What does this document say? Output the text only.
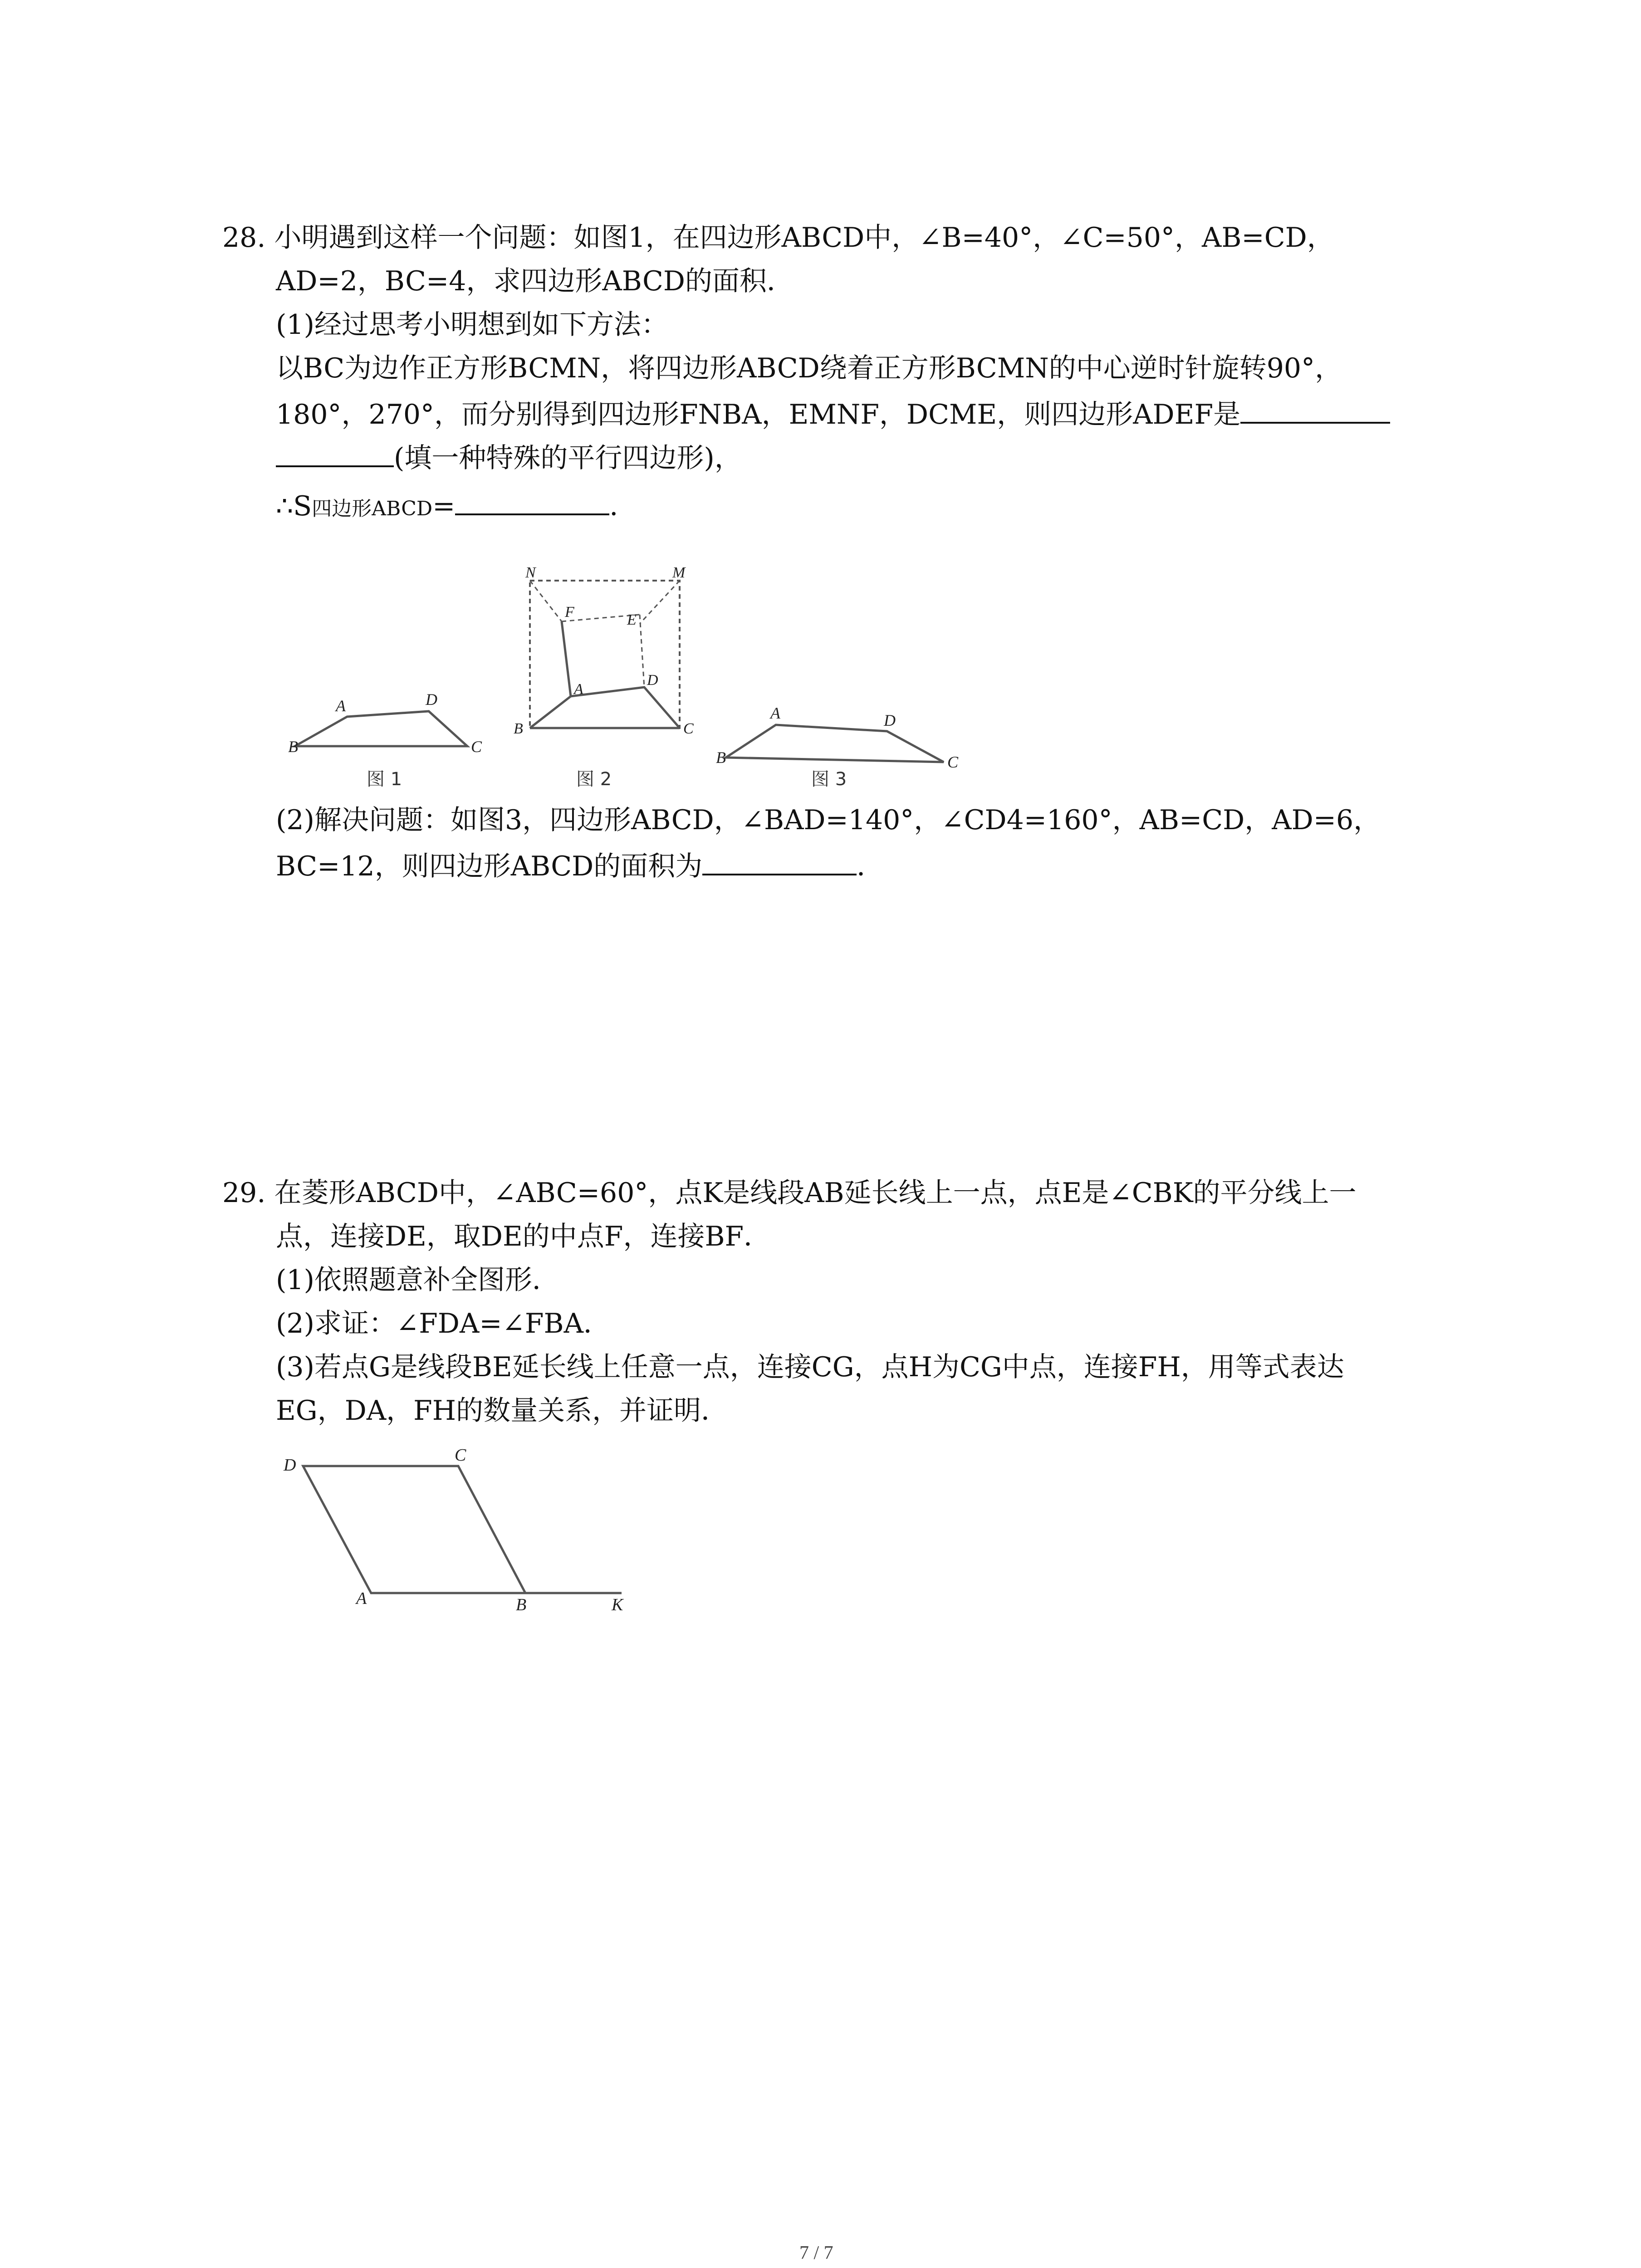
28. 小明遇到这样一个问题：如图1，在四边形ABCD中，∠B=40°，∠C=50°，AB=CD，
AD=2，BC=4，求四边形ABCD的面积．
(1)经过思考小明想到如下方法：
以BC为边作正方形BCMN，将四边形ABCD绕着正方形BCMN的中心逆时针旋转90°，
180°，270°，而分别得到四边形FNBA，EMNF，DCME，则四边形ADEF是
(填一种特殊的平行四边形)，
∴S四边形ABCD=	．
A
B	C
D
图 1
N	M
F	E
A
D
B	C
图 2
A
B	C
D
图 3
(2)解决问题：如图3，四边形ABCD，∠BAD=140°，∠CD4=160°，AB=CD，AD=6，
BC=12，则四边形ABCD的面积为	．
29. 在菱形ABCD中，∠ABC=60°，点K是线段AB延长线上一点，点E是∠CBK的平分线上一
点，连接DE，取DE的中点F，连接BF．
(1)依照题意补全图形．
(2)求证：∠FDA=∠FBA．
(3)若点G是线段BE延长线上任意一点，连接CG，点H为CG中点，连接FH，用等式表达
EG，DA，FH的数量关系，并证明．
D
C
A	B	K
7 / 7
